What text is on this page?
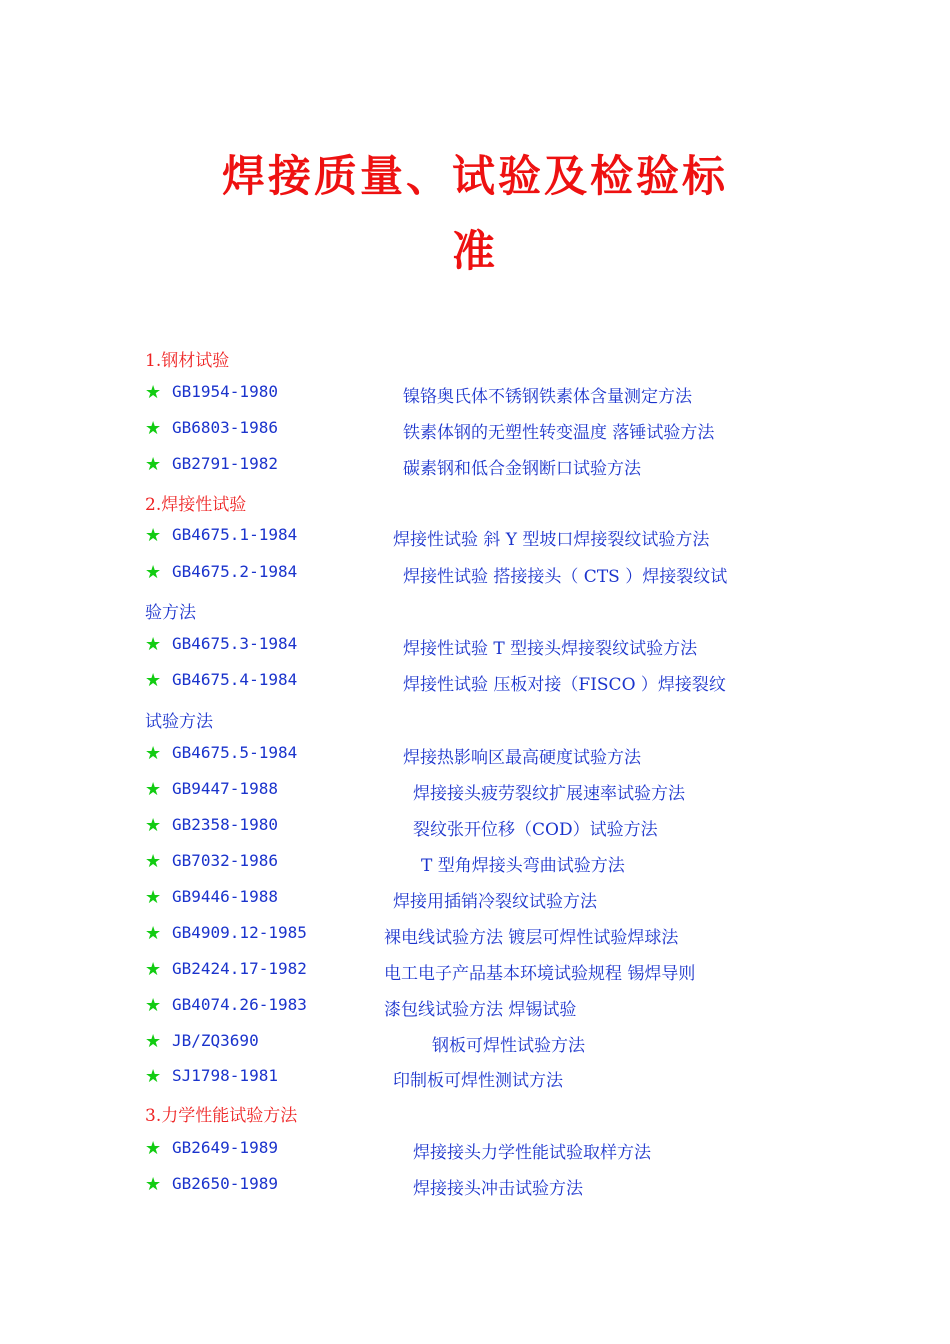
焊接质量、试验及检验标
准
1.钢材试验
★ GB1954-1980	镍铬奥氏体不锈钢铁素体含量测定方法
★ GB6803-1986	铁素体钢的无塑性转变温度 落锤试验方法
★ GB2791-1982	碳素钢和低合金钢断口试验方法
2.焊接性试验
★ GB4675.1-1984	焊接性试验 斜 Y 型坡口焊接裂纹试验方法
★ GB4675.2-1984	焊接性试验 搭接接头（ CTS ）焊接裂纹试
验方法
★ GB4675.3-1984	焊接性试验 T 型接头焊接裂纹试验方法
★ GB4675.4-1984	焊接性试验 压板对接（FISCO ）焊接裂纹
试验方法
★ GB4675.5-1984	焊接热影响区最高硬度试验方法
★ GB9447-1988	焊接接头疲劳裂纹扩展速率试验方法
★ GB2358-1980	裂纹张开位移（COD）试验方法
★ GB7032-1986	T 型角焊接头弯曲试验方法
★ GB9446-1988	焊接用插销冷裂纹试验方法
★ GB4909.12-1985	裸电线试验方法 镀层可焊性试验焊球法
★ GB2424.17-1982	电工电子产品基本环境试验规程 锡焊导则
★ GB4074.26-1983	漆包线试验方法 焊锡试验
★ JB/ZQ3690	钢板可焊性试验方法
★ SJ1798-1981	印制板可焊性测试方法
3.力学性能试验方法
★ GB2649-1989	焊接接头力学性能试验取样方法
★ GB2650-1989	焊接接头冲击试验方法
